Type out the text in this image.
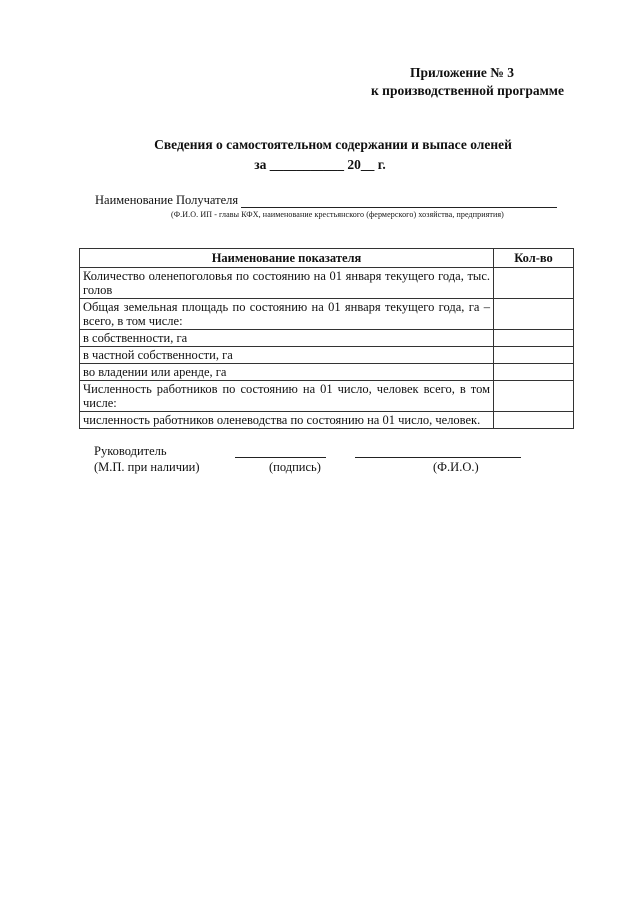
Приложение № 3
к производственной программе
Сведения о самостоятельном содержании и выпасе оленей
за ___________ 20__ г.
Наименование Получателя
(Ф.И.О. ИП - главы КФХ, наименование крестьянского (фермерского) хозяйства, предприятия)
Наименование показателя	Кол-во
Количество оленепоголовья по состоянию на 01 января текущего года, тыс. голов	
Общая земельная площадь по состоянию на 01 января текущего года, га – всего, в том числе:	
в собственности, га	
в частной собственности, га	
во владении или аренде, га	
Численность работников по состоянию на 01 число, человек всего, в том числе:	
численность работников оленеводства по состоянию на 01 число, человек.	
Руководитель
(М.П. при наличии)	(подпись)	(Ф.И.О.)
